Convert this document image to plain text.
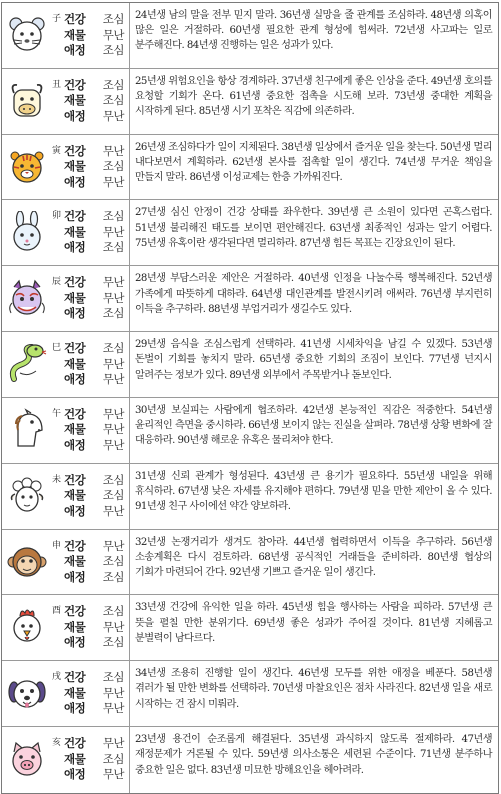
子 건강 조심
재물 무난
애정 조심
24년생 남의 말을 전부 믿지 말라. 36년생 실망을 줄 관계를 조심하라. 48년생 의혹이 많은 일은 거절하라. 60년생 필요한 관계 형성에 힘써라. 72년생 사고파는 일로 분주해진다. 84년생 진행하는 일은 성과가 있다.
丑 건강 조심
재물 조심
애정 무난
25년생 위험요인을 항상 경계하라. 37년생 친구에게 좋은 인상을 준다. 49년생 호의를 요청할 기회가 온다. 61년생 중요한 접촉을 시도해 보라. 73년생 중대한 계획을 시작하게 된다. 85년생 시기 포착은 직감에 의존하라.
寅 건강 무난
재물 조심
애정 무난
26년생 조심하다가 일이 지체된다. 38년생 일상에서 즐거운 일을 찾는다. 50년생 멀리 내다보면서 계획하라. 62년생 본사를 접촉할 일이 생긴다. 74년생 무거운 책임을 만들지 말라. 86년생 이성교제는 한층 가까워진다.
卯 건강 조심
재물 무난
애정 조심
27년생 심신 안정이 건강 상태를 좌우한다. 39년생 큰 소원이 있다면 곤혹스럽다. 51년생 불리해진 태도를 보이면 편안해진다. 63년생 최종적인 성과는 알기 어렵다. 75년생 유혹이란 생각된다면 멀리하라. 87년생 힘든 목표는 긴장요인이 된다.
辰 건강 무난
재물 무난
애정 조심
28년생 부담스러운 제안은 거절하라. 40년생 인정을 나눌수록 행복해진다. 52년생 가족에게 따뜻하게 대하라. 64년생 대인관계를 발전시키려 애써라. 76년생 부지런히 이득을 추구하라. 88년생 부업거리가 생길수도 있다.
巳 건강 조심
재물 무난
애정 무난
29년생 음식을 조심스럽게 선택하라. 41년생 시세차익을 남길 수 있겠다. 53년생 돈벌이 기회를 놓치지 말라. 65년생 중요한 기회의 조짐이 보인다. 77년생 넌지시 알려주는 정보가 있다. 89년생 외부에서 주목받거나 돋보인다.
午 건강 무난
재물 무난
애정 무난
30년생 보실피는 사람에게 협조하라. 42년생 본능적인 직감은 적중한다. 54년생 윤리적인 측면을 중시하라. 66년생 보이지 않는 진실을 살펴라. 78년생 상황 변화에 잘 대응하라. 90년생 해로운 유혹은 물리쳐야 한다.
未 건강 조심
재물 조심
애정 무난
31년생 신뢰 관계가 형성된다. 43년생 큰 용기가 필요하다. 55년생 내일을 위해 휴식하라. 67년생 낮은 자세를 유지해야 편하다. 79년생 믿을 만한 제안이 올 수 있다. 91년생 친구 사이에선 약간 양보하라.
申 건강 무난
재물 조심
애정 조심
32년생 논쟁거리가 생겨도 참아라. 44년생 협력하면서 이득을 추구하라. 56년생 소송계획은 다시 검토하라. 68년생 공식적인 거래들을 준비하라. 80년생 협상의 기회가 마련되어 간다. 92년생 기쁘고 즐거운 일이 생긴다.
酉 건강 조심
재물 무난
애정 조심
33년생 건강에 유익한 일을 하라. 45년생 힘을 행사하는 사람을 피하라. 57년생 큰 뜻을 펼칠 만한 분위기다. 69년생 좋은 성과가 주어질 것이다. 81년생 지혜롭고 분별력이 남다르다.
戌 건강 조심
재물 무난
애정 무난
34년생 조용히 진행할 일이 생긴다. 46년생 모두를 위한 애정을 베푼다. 58년생 겪러가 될 만한 변화를 선택하라. 70년생 마찰요인은 점차 사라진다. 82년생 일을 새로 시작하는 건 잠시 미뤄라.
亥 건강 무난
재물 조심
애정 무난
23년생 용건이 순조롭게 해결된다. 35년생 과식하지 않도록 절제하라. 47년생 재정문제가 거론될 수 있다. 59년생 의사소통은 세련된 수준이다. 71년생 분주하나 중요한 일은 없다. 83년생 미묘한 방해요인을 헤아려라.
